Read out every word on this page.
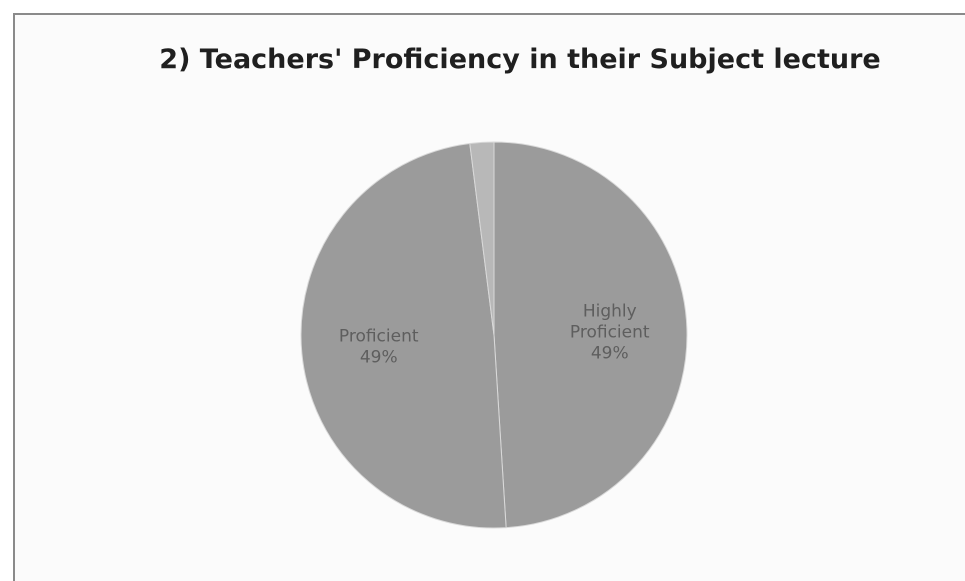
2) Teachers' Proficiency in their Subject lecture
Highly Proficient 49%
Proficient 49%
